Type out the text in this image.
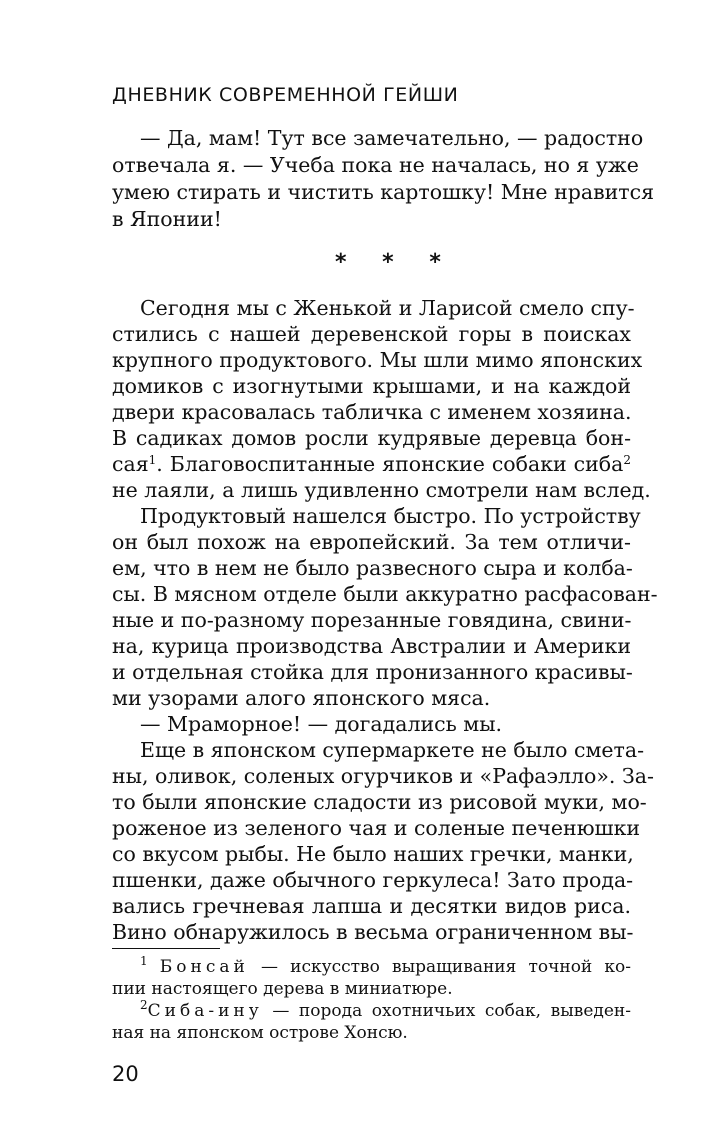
ДНЕВНИК СОВРЕМЕННОЙ ГЕЙШИ
— Да, мам! Тут все замечательно, — радостно
отвечала я. — Учеба пока не началась, но я уже
умею стирать и чистить картошку! Мне нравится
в Японии!
* * *
Сегодня мы с Женькой и Ларисой смело спу-
стились с нашей деревенской горы в поисках
крупного продуктового. Мы шли мимо японских
домиков с изогнутыми крышами, и на каждой
двери красовалась табличка с именем хозяина.
В садиках домов росли кудрявые деревца бон-
сая$^1$. Благовоспитанные японские собаки сиба$^2$
не лаяли, а лишь удивленно смотрели нам вслед.
Продуктовый нашелся быстро. По устройству
он был похож на европейский. За тем отличи-
ем, что в нем не было развесного сыра и колба-
сы. В мясном отделе были аккуратно расфасован-
ные и по-разному порезанные говядина, свини-
на, курица производства Австралии и Америки
и отдельная стойка для пронизанного красивы-
ми узорами алого японского мяса.
— Мраморное! — догадались мы.
Еще в японском супермаркете не было смета-
ны, оливок, соленых огурчиков и «Рафаэлло». За-
то были японские сладости из рисовой муки, мо-
роженое из зеленого чая и соленые печенюшки
со вкусом рыбы. Не было наших гречки, манки,
пшенки, даже обычного геркулеса! Зато прода-
вались гречневая лапша и десятки видов риса.
Вино обнаружилось в весьма ограниченном вы-
$^1$ Бонсай — искусство выращивания точной ко-
пии настоящего дерева в миниатюре.
$^2$Сиба-ину — порода охотничьих собак, выведен-
ная на японском острове Хонсю.
20
